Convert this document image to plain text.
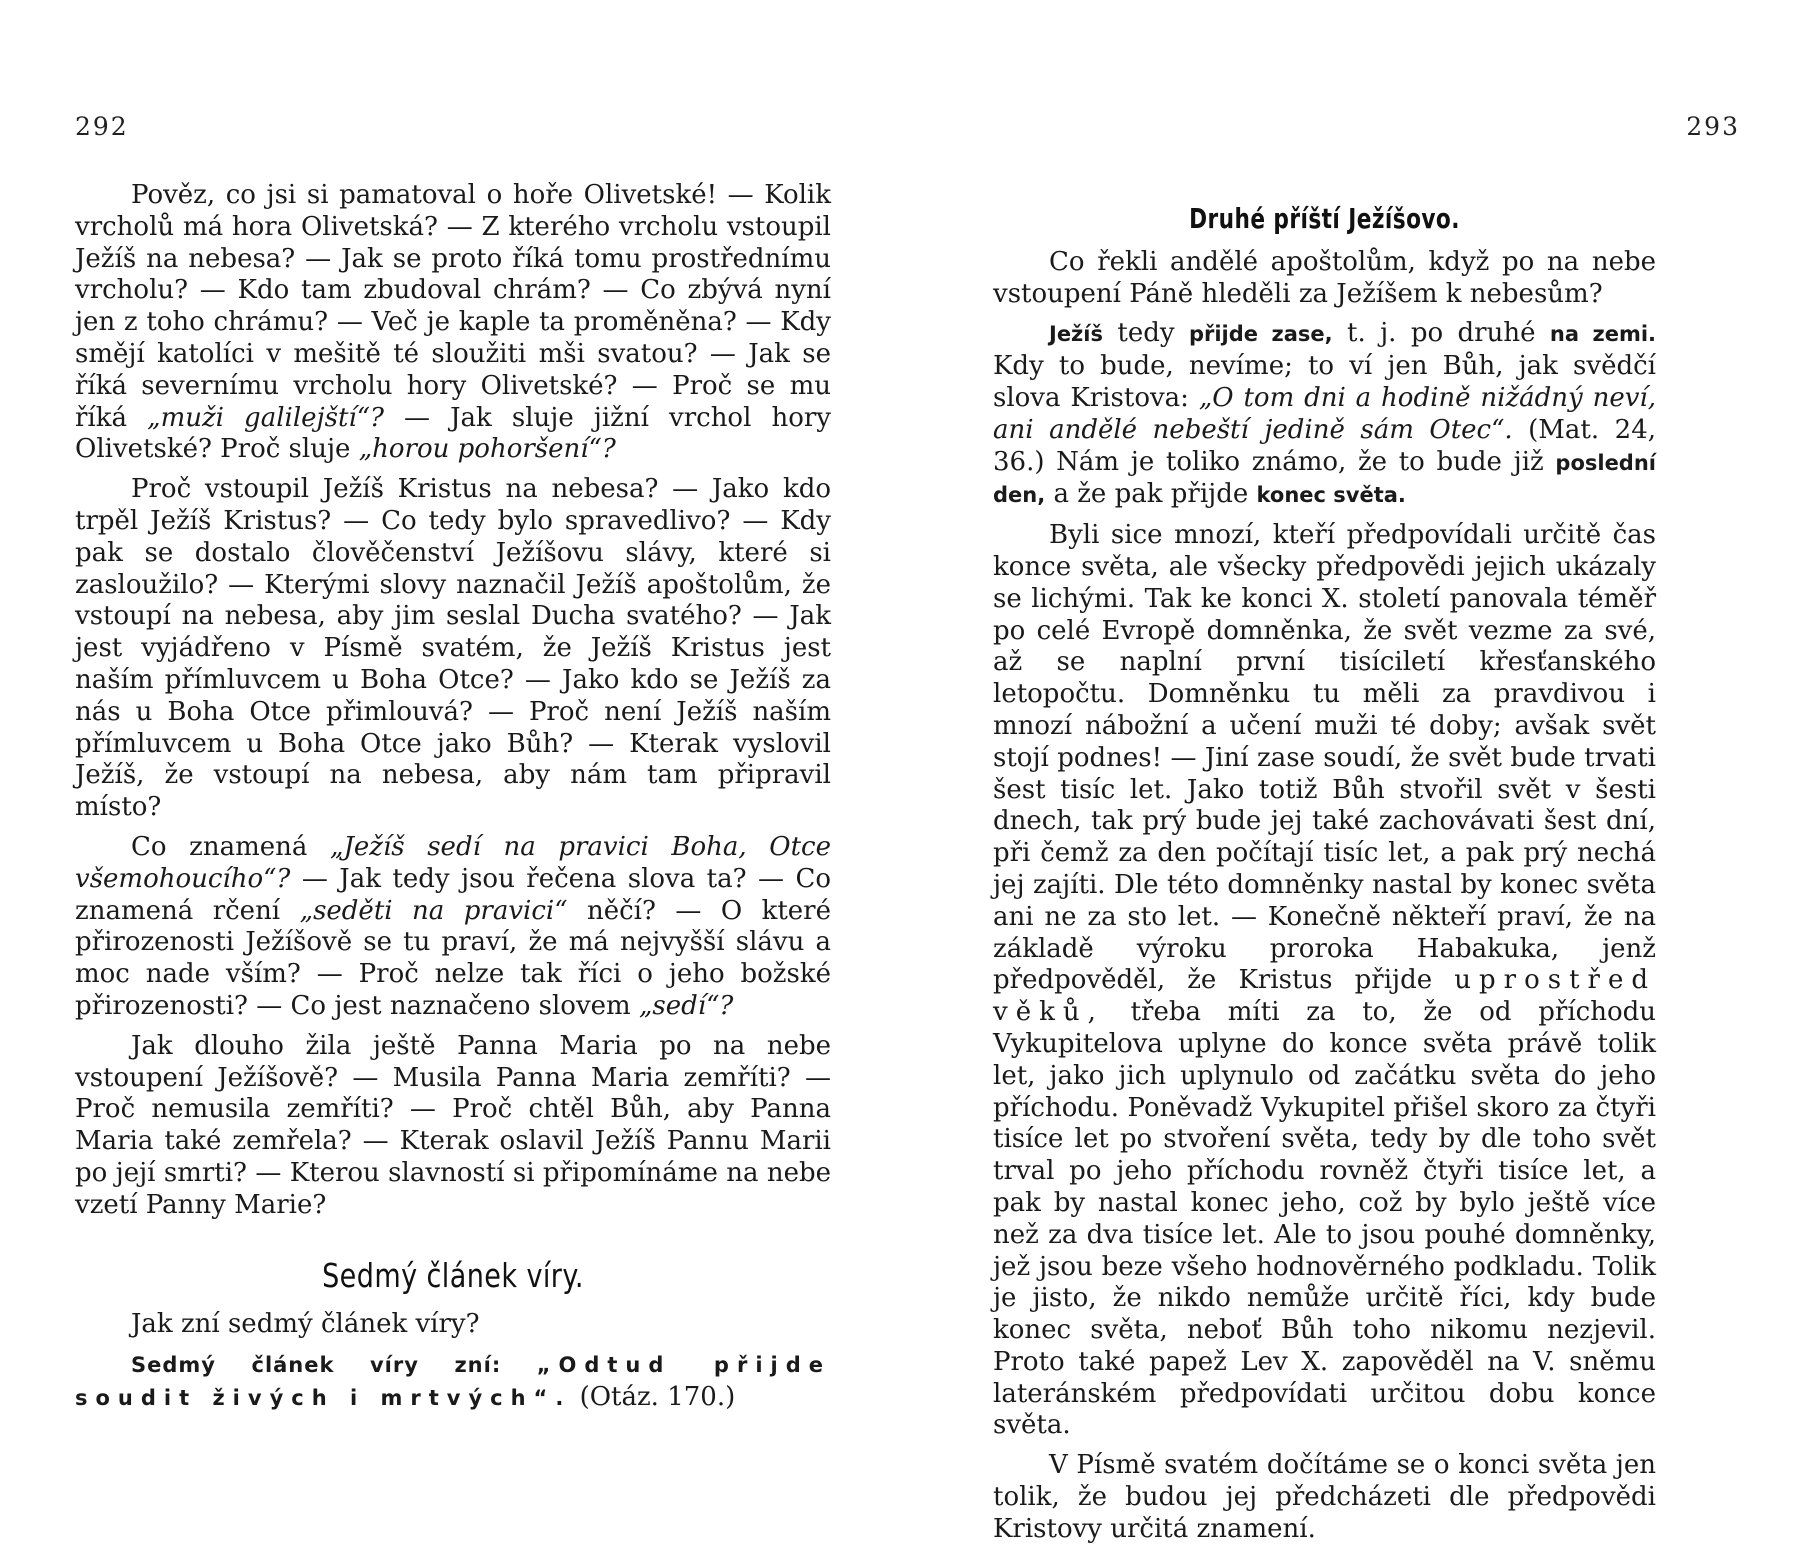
292

Pověz, co jsi si pamatoval o hoře Olivetské! — Kolik vrcholů má hora Olivetská? — Z kterého vrcholu vstoupil Ježíš na nebesa? — Jak se proto říká tomu prostřednímu vrcholu? — Kdo tam zbudoval chrám? — Co zbývá nyní jen z toho chrámu? — Več je kaple ta proměněna? — Kdy smějí katolíci v mešitě té sloužiti mši svatou? — Jak se říká severnímu vrcholu hory Olivetské? — Proč se mu říká „muži galilejští“? — Jak sluje jižní vrchol hory Olivetské? Proč sluje „horou pohoršení“?

Proč vstoupil Ježíš Kristus na nebesa? — Jako kdo trpěl Ježíš Kristus? — Co tedy bylo spravedlivo? — Kdy pak se dostalo člověčenství Ježíšovu slávy, které si zasloužilo? — Kterými slovy naznačil Ježíš apoštolům, že vstoupí na nebesa, aby jim seslal Ducha svatého? — Jak jest vyjádřeno v Písmě svatém, že Ježíš Kristus jest naším přímluvcem u Boha Otce? — Jako kdo se Ježíš za nás u Boha Otce přimlouvá? — Proč není Ježíš naším přímluvcem u Boha Otce jako Bůh? — Kterak vyslovil Ježíš, že vstoupí na nebesa, aby nám tam připravil místo?

Co znamená „Ježíš sedí na pravici Boha, Otce všemohoucího“? — Jak tedy jsou řečena slova ta? — Co znamená rčení „seděti na pravici“ něčí? — O které přirozenosti Ježíšově se tu praví, že má nejvyšší slávu a moc nade vším? — Proč nelze tak říci o jeho božské přirozenosti? — Co jest naznačeno slovem „sedí“?

Jak dlouho žila ještě Panna Maria po na nebe vstoupení Ježíšově? — Musila Panna Maria zemříti? — Proč nemusila zemříti? — Proč chtěl Bůh, aby Panna Maria také zemřela? — Kterak oslavil Ježíš Pannu Marii po její smrti? — Kterou slavností si připomínáme na nebe vzetí Panny Marie?

Sedmý článek víry.

Jak zní sedmý článek víry?

Sedmý článek víry zní: „Odtud přijde soudit živých i mrtvých“. (Otáz. 170.)

293
Druhé příští Ježíšovo.

Co řekli andělé apoštolům, když po na nebe vstoupení Páně hleděli za Ježíšem k nebesům?

Ježíš tedy přijde zase, t. j. po druhé na zemi. Kdy to bude, nevíme; to ví jen Bůh, jak svědčí slova Kristova: „O tom dni a hodině nižádný neví, ani andělé nebeští jedině sám Otec“. (Mat. 24, 36.) Nám je toliko známo, že to bude již poslední den, a že pak přijde konec světa.

Byli sice mnozí, kteří předpovídali určitě čas konce světa, ale všecky předpovědi jejich ukázaly se lichými. Tak ke konci X. století panovala téměř po celé Evropě domněnka, že svět vezme za své, až se naplní první tisíciletí křesťanského letopočtu. Domněnku tu měli za pravdivou i mnozí nábožní a učení muži té doby; avšak svět stojí podnes! — Jiní zase soudí, že svět bude trvati šest tisíc let. Jako totiž Bůh stvořil svět v šesti dnech, tak prý bude jej také zachovávati šest dní, při čemž za den počítají tisíc let, a pak prý nechá jej zajíti. Dle této domněnky nastal by konec světa ani ne za sto let. — Konečně někteří praví, že na základě výroku proroka Habakuka, jenž předpověděl, že Kristus přijde uprostřed věků, třeba míti za to, že od příchodu Vykupitelova uplyne do konce světa právě tolik let, jako jich uplynulo od začátku světa do jeho příchodu. Poněvadž Vykupitel přišel skoro za čtyři tisíce let po stvoření světa, tedy by dle toho svět trval po jeho příchodu rovněž čtyři tisíce let, a pak by nastal konec jeho, což by bylo ještě více než za dva tisíce let. Ale to jsou pouhé domněnky, jež jsou beze všeho hodnověrného podkladu. Tolik je jisto, že nikdo nemůže určitě říci, kdy bude konec světa, neboť Bůh toho nikomu nezjevil. Proto také papež Lev X. zapověděl na V. sněmu lateránském předpovídati určitou dobu konce světa.

V Písmě svatém dočítáme se o konci světa jen tolik, že budou jej předcházeti dle předpovědi Kristovy určitá znamení.
